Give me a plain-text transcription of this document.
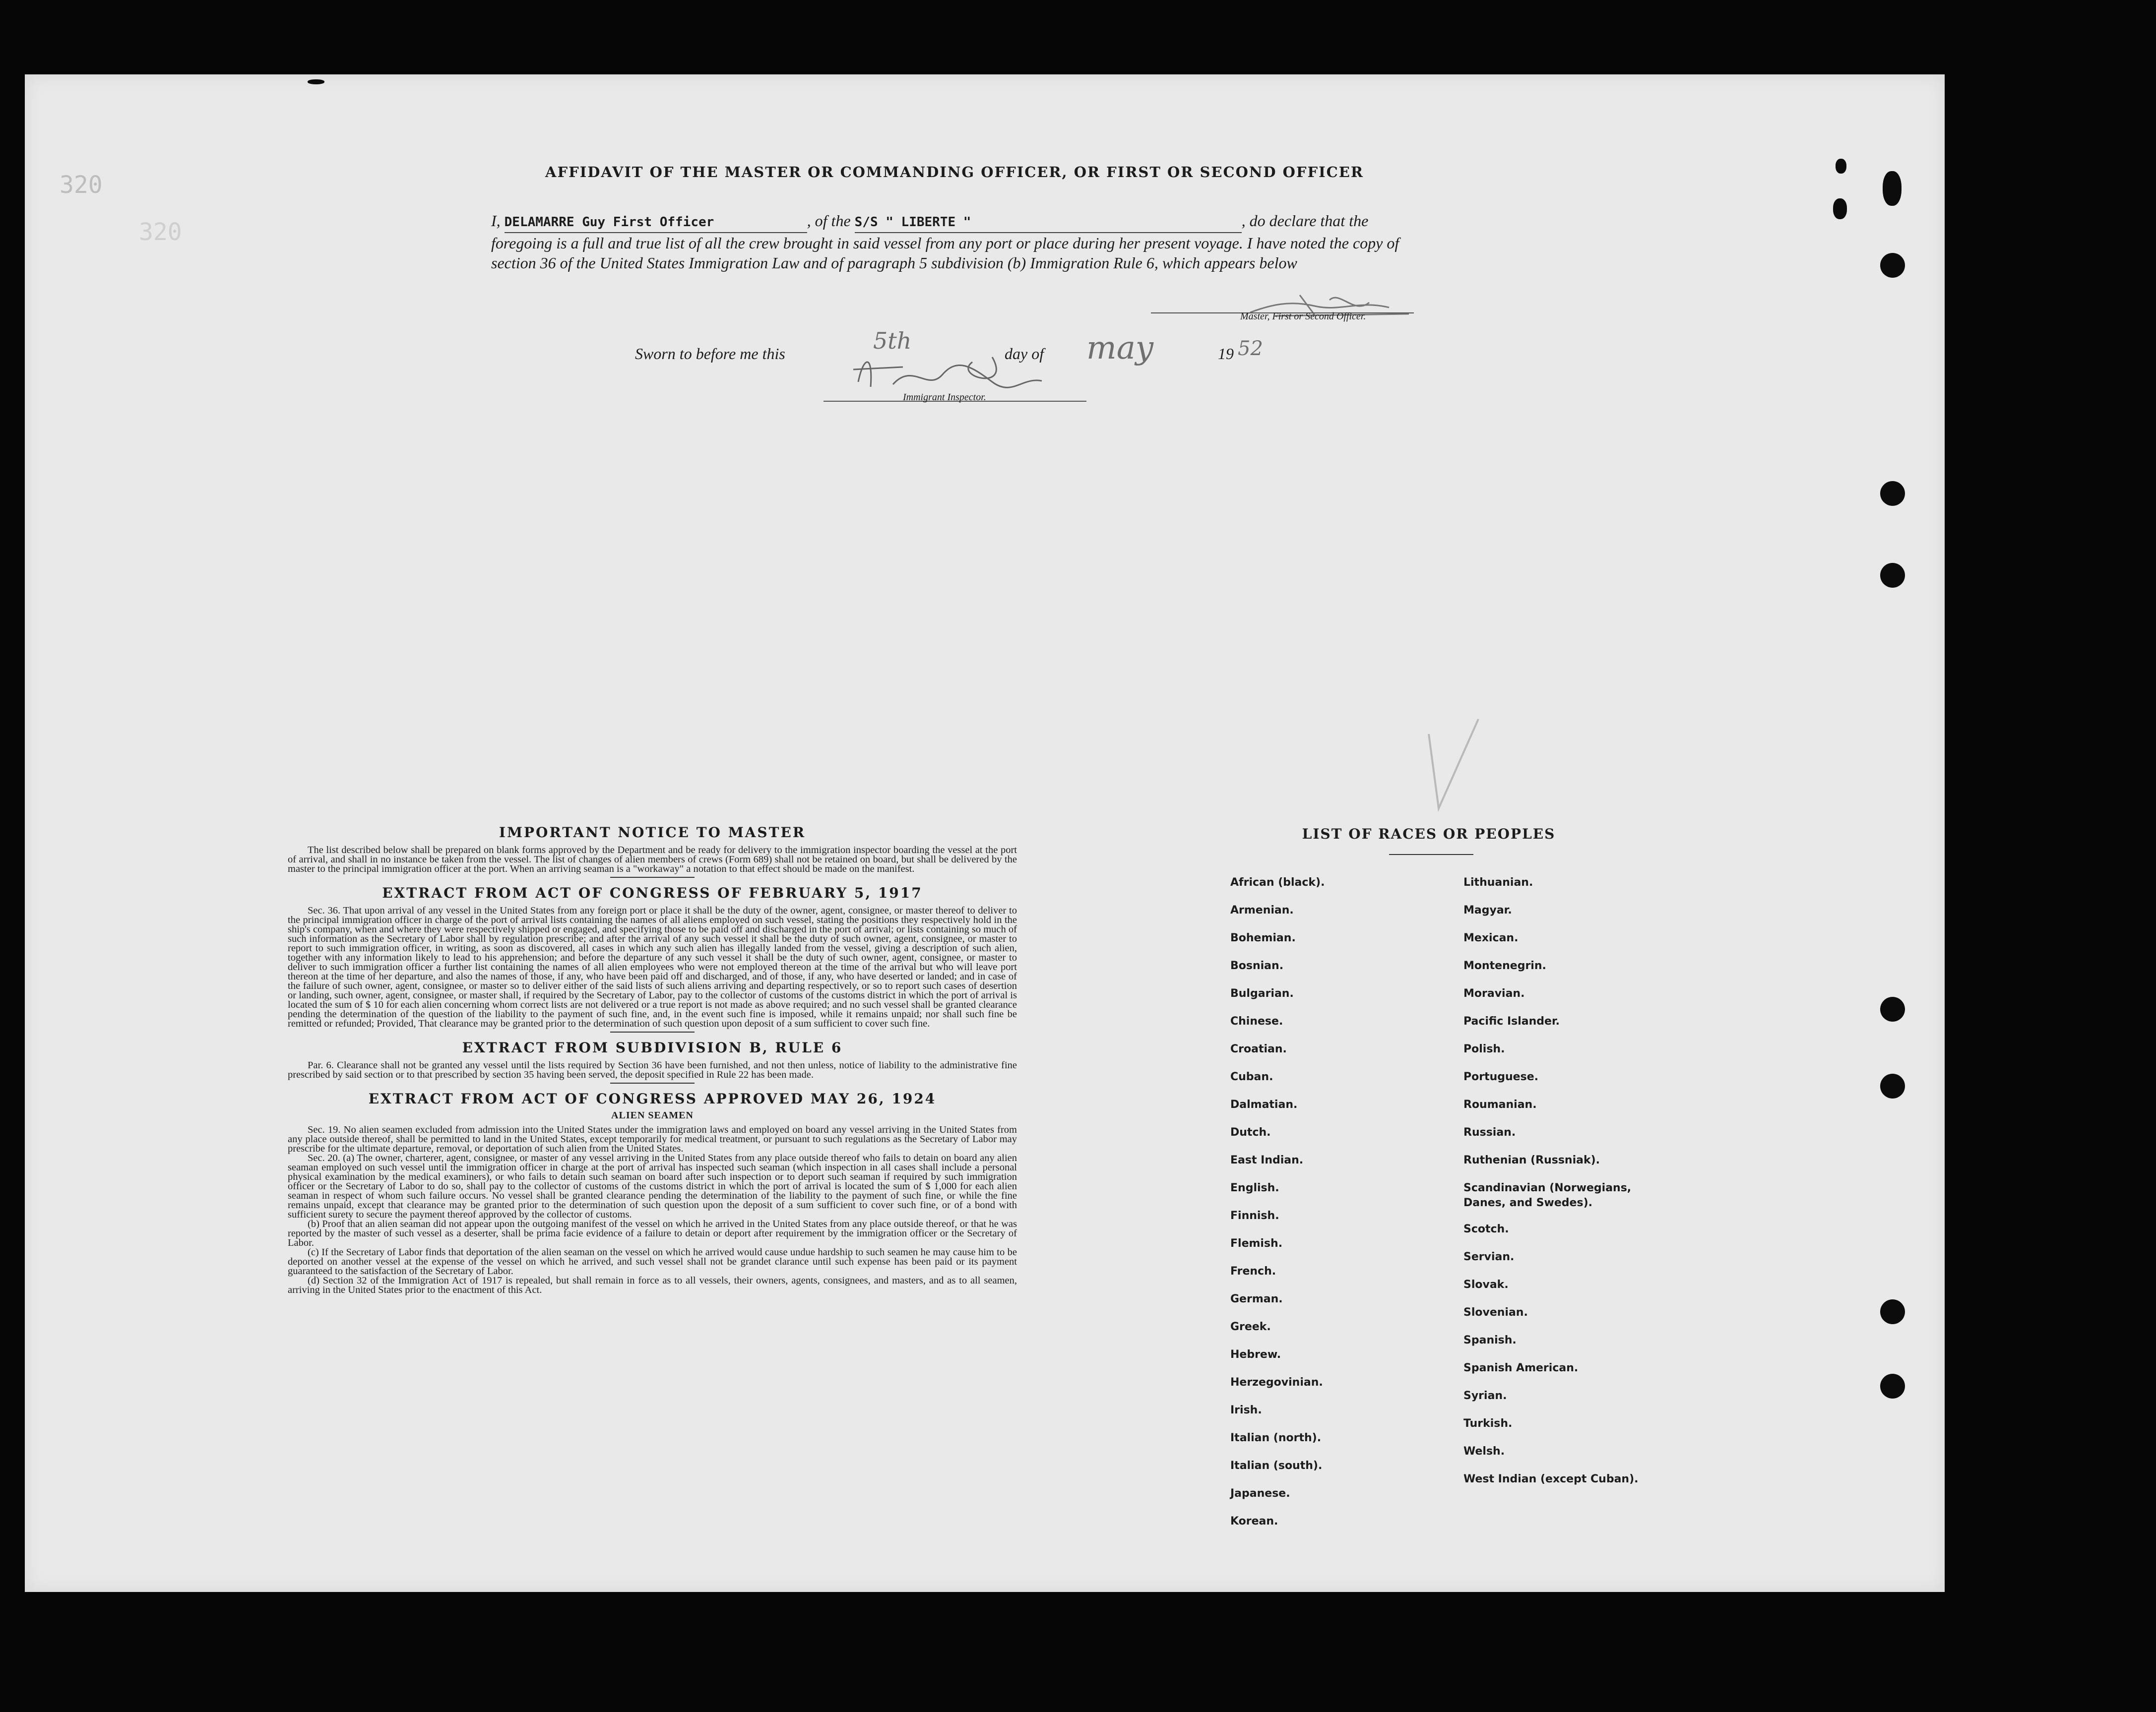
320
320
AFFIDAVIT OF THE MASTER OR COMMANDING OFFICER, OR FIRST OR SECOND OFFICER
I, DELAMARRE Guy First Officer	, of the S/S " LIBERTE "	, do declare that the foregoing is a full and true list of all the crew brought in said vessel from any port or place during her present voyage. I have noted the copy of section 36 of the United States Immigration Law and of paragraph 5 subdivision (b) Immigration Rule 6, which appears below
Master, First or Second Officer.
Sworn to before me this	5th	day of may	19 52
Immigrant Inspector.
IMPORTANT NOTICE TO MASTER

The list described below shall be prepared on blank forms approved by the Department and be ready for delivery to the immigration inspector boarding the vessel at the port of arrival, and shall in no instance be taken from the vessel. The list of changes of alien members of crews (Form 689) shall not be retained on board, but shall be delivered by the master to the principal immigration officer at the port. When an arriving seaman is a "workaway" a notation to that effect should be made on the manifest.

EXTRACT FROM ACT OF CONGRESS OF FEBRUARY 5, 1917

Sec. 36. That upon arrival of any vessel in the United States from any foreign port or place it shall be the duty of the owner, agent, consignee, or master thereof to deliver to the principal immigration officer in charge of the port of arrival lists containing the names of all aliens employed on such vessel, stating the positions they respectively hold in the ship's company, when and where they were respectively shipped or engaged, and specifying those to be paid off and discharged in the port of arrival; or lists containing so much of such information as the Secretary of Labor shall by regulation prescribe; and after the arrival of any such vessel it shall be the duty of such owner, agent, consignee, or master to report to such immigration officer, in writing, as soon as discovered, all cases in which any such alien has illegally landed from the vessel, giving a description of such alien, together with any information likely to lead to his apprehension; and before the departure of any such vessel it shall be the duty of such owner, agent, consignee, or master to deliver to such immigration officer a further list containing the names of all alien employees who were not employed thereon at the time of the arrival but who will leave port thereon at the time of her departure, and also the names of those, if any, who have been paid off and discharged, and of those, if any, who have deserted or landed; and in case of the failure of such owner, agent, consignee, or master so to deliver either of the said lists of such aliens arriving and departing respectively, or so to report such cases of desertion or landing, such owner, agent, consignee, or master shall, if required by the Secretary of Labor, pay to the collector of customs of the customs district in which the port of arrival is located the sum of $ 10 for each alien concerning whom correct lists are not delivered or a true report is not made as above required; and no such vessel shall be granted clearance pending the determination of the question of the liability to the payment of such fine, and, in the event such fine is imposed, while it remains unpaid; nor shall such fine be remitted or refunded; Provided, That clearance may be granted prior to the determination of such question upon deposit of a sum sufficient to cover such fine.

EXTRACT FROM SUBDIVISION B, RULE 6

Par. 6. Clearance shall not be granted any vessel until the lists required by Section 36 have been furnished, and not then unless, notice of liability to the administrative fine prescribed by said section or to that prescribed by section 35 having been served, the deposit specified in Rule 22 has been made.

EXTRACT FROM ACT OF CONGRESS APPROVED MAY 26, 1924
ALIEN SEAMEN

Sec. 19. No alien seamen excluded from admission into the United States under the immigration laws and employed on board any vessel arriving in the United States from any place outside thereof, shall be permitted to land in the United States, except temporarily for medical treatment, or pursuant to such regulations as the Secretary of Labor may prescribe for the ultimate departure, removal, or deportation of such alien from the United States.

Sec. 20. (a) The owner, charterer, agent, consignee, or master of any vessel arriving in the United States from any place outside thereof who fails to detain on board any alien seaman employed on such vessel until the immigration officer in charge at the port of arrival has inspected such seaman (which inspection in all cases shall include a personal physical examination by the medical examiners), or who fails to detain such seaman on board after such inspection or to deport such seaman if required by such immigration officer or the Secretary of Labor to do so, shall pay to the collector of customs of the customs district in which the port of arrival is located the sum of $ 1,000 for each alien seaman in respect of whom such failure occurs. No vessel shall be granted clearance pending the determination of the liability to the payment of such fine, or while the fine remains unpaid, except that clearance may be granted prior to the determination of such question upon the deposit of a sum sufficient to cover such fine, or of a bond with sufficient surety to secure the payment thereof approved by the collector of customs.

(b) Proof that an alien seaman did not appear upon the outgoing manifest of the vessel on which he arrived in the United States from any place outside thereof, or that he was reported by the master of such vessel as a deserter, shall be prima facie evidence of a failure to detain or deport after requirement by the immigration officer or the Secretary of Labor.

(c) If the Secretary of Labor finds that deportation of the alien seaman on the vessel on which he arrived would cause undue hardship to such seamen he may cause him to be deported on another vessel at the expense of the vessel on which he arrived, and such vessel shall not be grandet clarance until such expense has been paid or its payment guaranteed to the satisfaction of the Secretary of Labor.

(d) Section 32 of the Immigration Act of 1917 is repealed, but shall remain in force as to all vessels, their owners, agents, consignees, and masters, and as to all seamen, arriving in the United States prior to the enactment of this Act.

LIST OF RACES OR PEOPLES
African (black).
Armenian.
Bohemian.
Bosnian.
Bulgarian.
Chinese.
Croatian.
Cuban.
Dalmatian.
Dutch.
East Indian.
English.
Finnish.
Flemish.
French.
German.
Greek.
Hebrew.
Herzegovinian.
Irish.
Italian (north).
Italian (south).
Japanese.
Korean.
Lithuanian.
Magyar.
Mexican.
Montenegrin.
Moravian.
Pacific Islander.
Polish.
Portuguese.
Roumanian.
Russian.
Ruthenian (Russniak).
Scandinavian (Norwegians, Danes, and Swedes).
Scotch.
Servian.
Slovak.
Slovenian.
Spanish.
Spanish American.
Syrian.
Turkish.
Welsh.
West Indian (except Cuban).
